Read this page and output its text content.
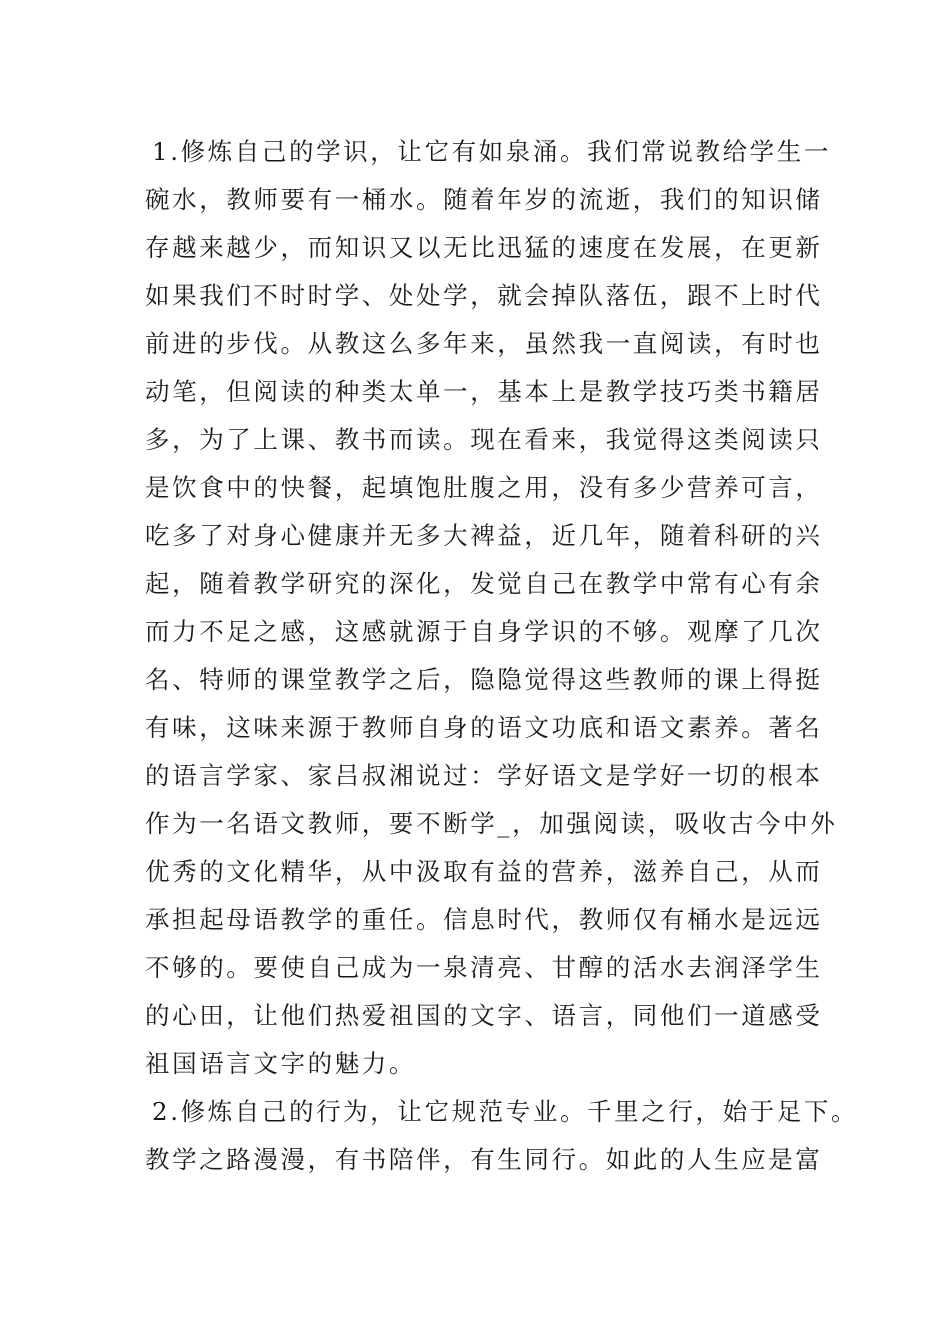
1.修炼自己的学识，让它有如泉涌。我们常说教给学生一
碗水，教师要有一桶水。随着年岁的流逝，我们的知识储
存越来越少，而知识又以无比迅猛的速度在发展，在更新
如果我们不时时学、处处学，就会掉队落伍，跟不上时代
前进的步伐。从教这么多年来，虽然我一直阅读，有时也
动笔，但阅读的种类太单一，基本上是教学技巧类书籍居
多，为了上课、教书而读。现在看来，我觉得这类阅读只
是饮食中的快餐，起填饱肚腹之用，没有多少营养可言，
吃多了对身心健康并无多大裨益，近几年，随着科研的兴
起，随着教学研究的深化，发觉自己在教学中常有心有余
而力不足之感，这感就源于自身学识的不够。观摩了几次
名、特师的课堂教学之后，隐隐觉得这些教师的课上得挺
有味，这味来源于教师自身的语文功底和语文素养。著名
的语言学家、家吕叔湘说过：学好语文是学好一切的根本
作为一名语文教师，要不断学_，加强阅读，吸收古今中外
优秀的文化精华，从中汲取有益的营养，滋养自己，从而
承担起母语教学的重任。信息时代，教师仅有桶水是远远
不够的。要使自己成为一泉清亮、甘醇的活水去润泽学生
的心田，让他们热爱祖国的文字、语言，同他们一道感受
祖国语言文字的魅力。
2.修炼自己的行为，让它规范专业。千里之行，始于足下。
教学之路漫漫，有书陪伴，有生同行。如此的人生应是富
